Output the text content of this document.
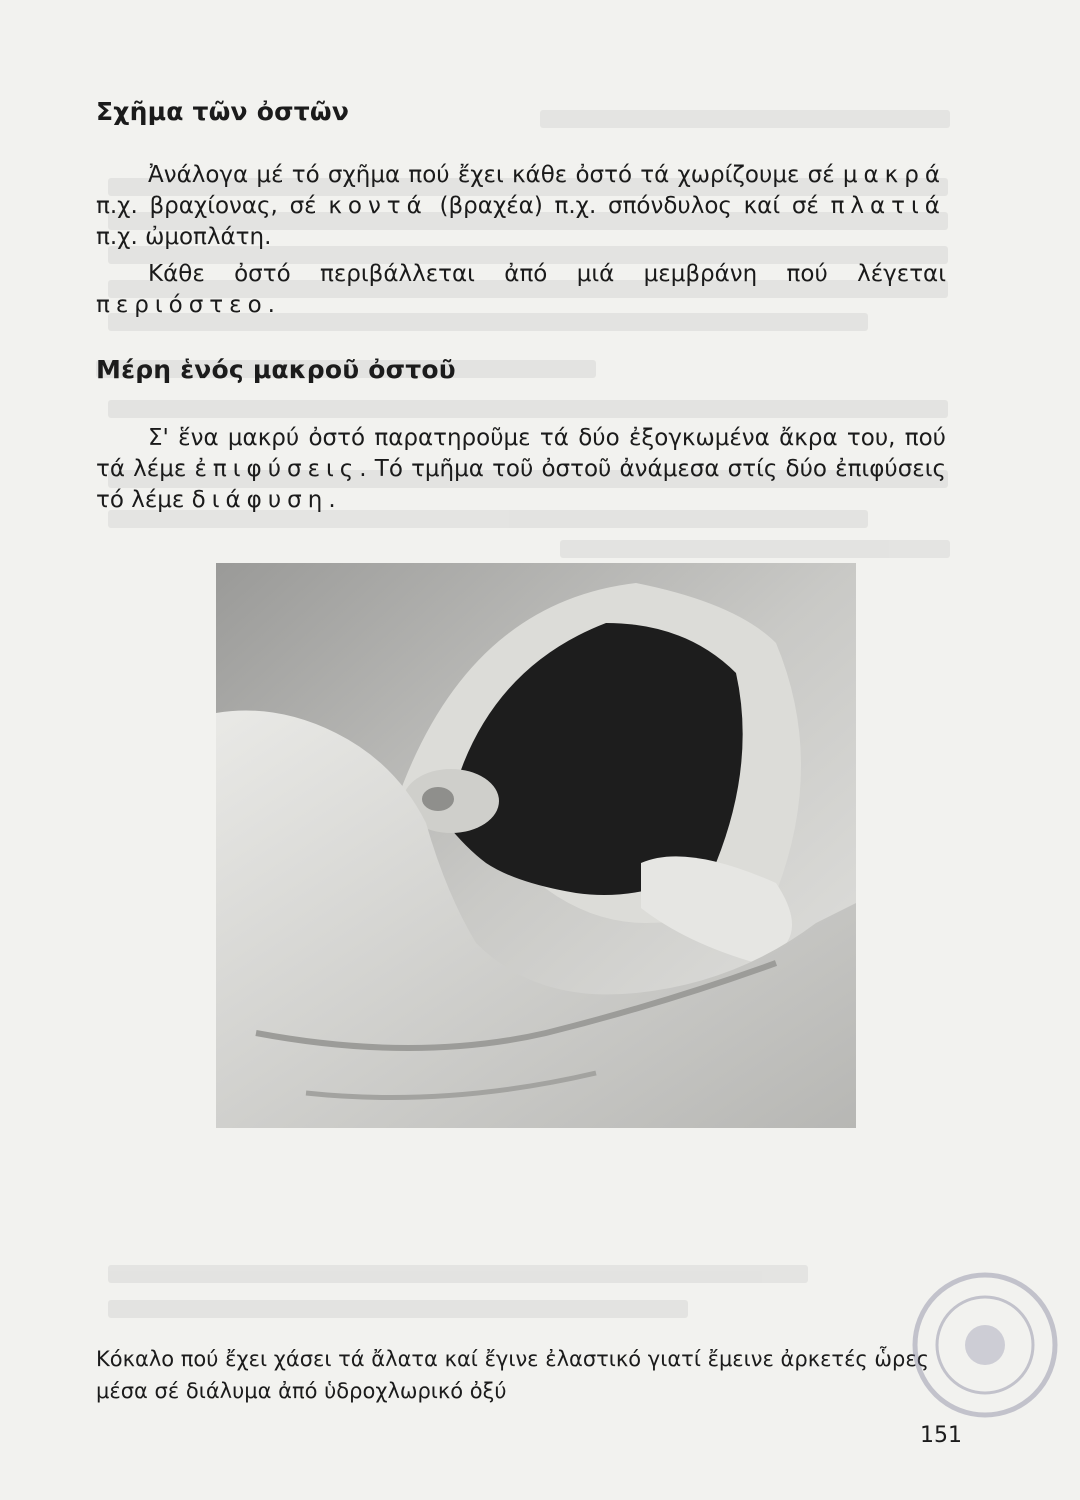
Σχῆμα τῶν ὀστῶν

Ἀνάλογα μέ τό σχῆμα πού ἔχει κάθε ὀστό τά χωρίζουμε σέ μακρά π.χ. βραχίονας, σέ κοντά (βραχέα) π.χ. σπόνδυλος καί σέ πλατιά π.χ. ὠμοπλάτη.

Κάθε ὀστό περιβάλλεται ἀπό μιά μεμβράνη πού λέγεται περιόστεο.

Μέρη ἑνός μακροῦ ὀστοῦ

Σ' ἕνα μακρύ ὀστό παρατηροῦμε τά δύο ἐξογκωμένα ἄκρα του, πού τά λέμε ἐπιφύσεις. Τό τμῆμα τοῦ ὀστοῦ ἀνάμεσα στίς δύο ἐπιφύσεις τό λέμε διάφυση.

Κόκαλο πού ἔχει χάσει τά ἄλατα καί ἔγινε ἐλαστικό γιατί ἔμεινε ἀρκετές ὧρες μέσα σέ διάλυμα ἀπό ὑδροχλωρικό ὀξύ

151
